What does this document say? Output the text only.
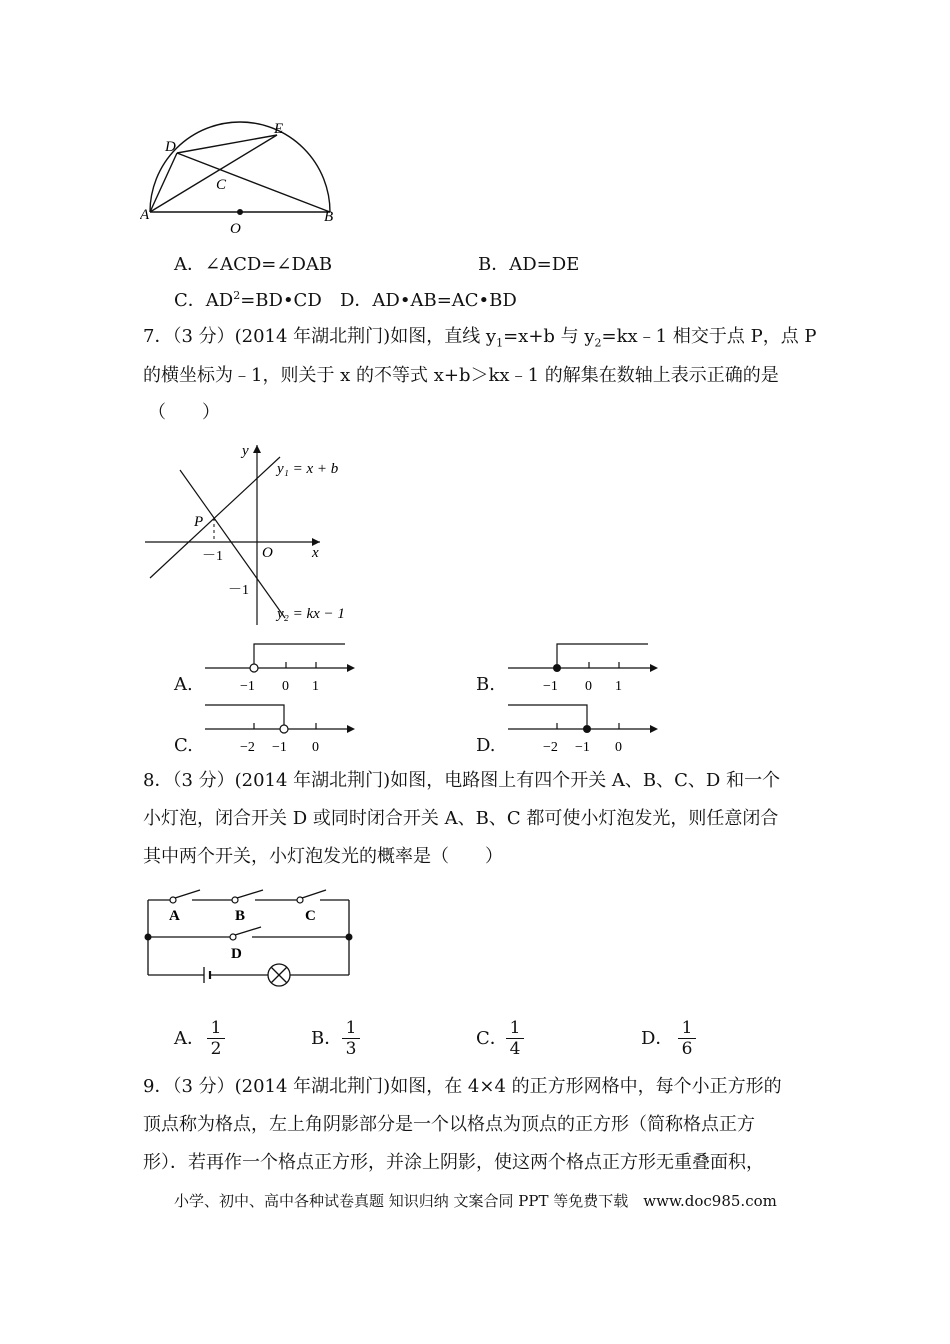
A	B
C
D
E
O
A．∠ACD=∠DAB	B．AD=DE
C．$AD^2=BD•CD$ D．AD•AB=AC•BD
7．（3 分）(2014 年湖北荆门)如图，直线 $y_1=x+b$ 与 $y_2=kx﹣1$ 相交于点 P，点 P
的横坐标为﹣1，则关于 x 的不等式 x+b＞kx﹣1 的解集在数轴上表示正确的是
（　　）
y
x
O
P
－1
－1
y₁ = x + b
y₂ = kx − 1
A.	−1 0 1	B.	−1 0 1
C.	−2 −1 0	D.	−2 −1 0
8．（3 分）(2014 年湖北荆门)如图，电路图上有四个开关 A、B、C、D 和一个
小灯泡，闭合开关 D 或同时闭合开关 A、B、C 都可使小灯泡发光，则任意闭合
其中两个开关，小灯泡发光的概率是（　　）
A	B	C
D
A． 1
2	B． 1
3	C． 1
4	D． 1
6
9．（3 分）(2014 年湖北荆门)如图，在 4×4 的正方形网格中，每个小正方形的
顶点称为格点，左上角阴影部分是一个以格点为顶点的正方形（简称格点正方
形）．若再作一个格点正方形，并涂上阴影，使这两个格点正方形无重叠面积，
小学、初中、高中各种试卷真题 知识归纳 文案合同 PPT 等免费下载　www.doc985.com
